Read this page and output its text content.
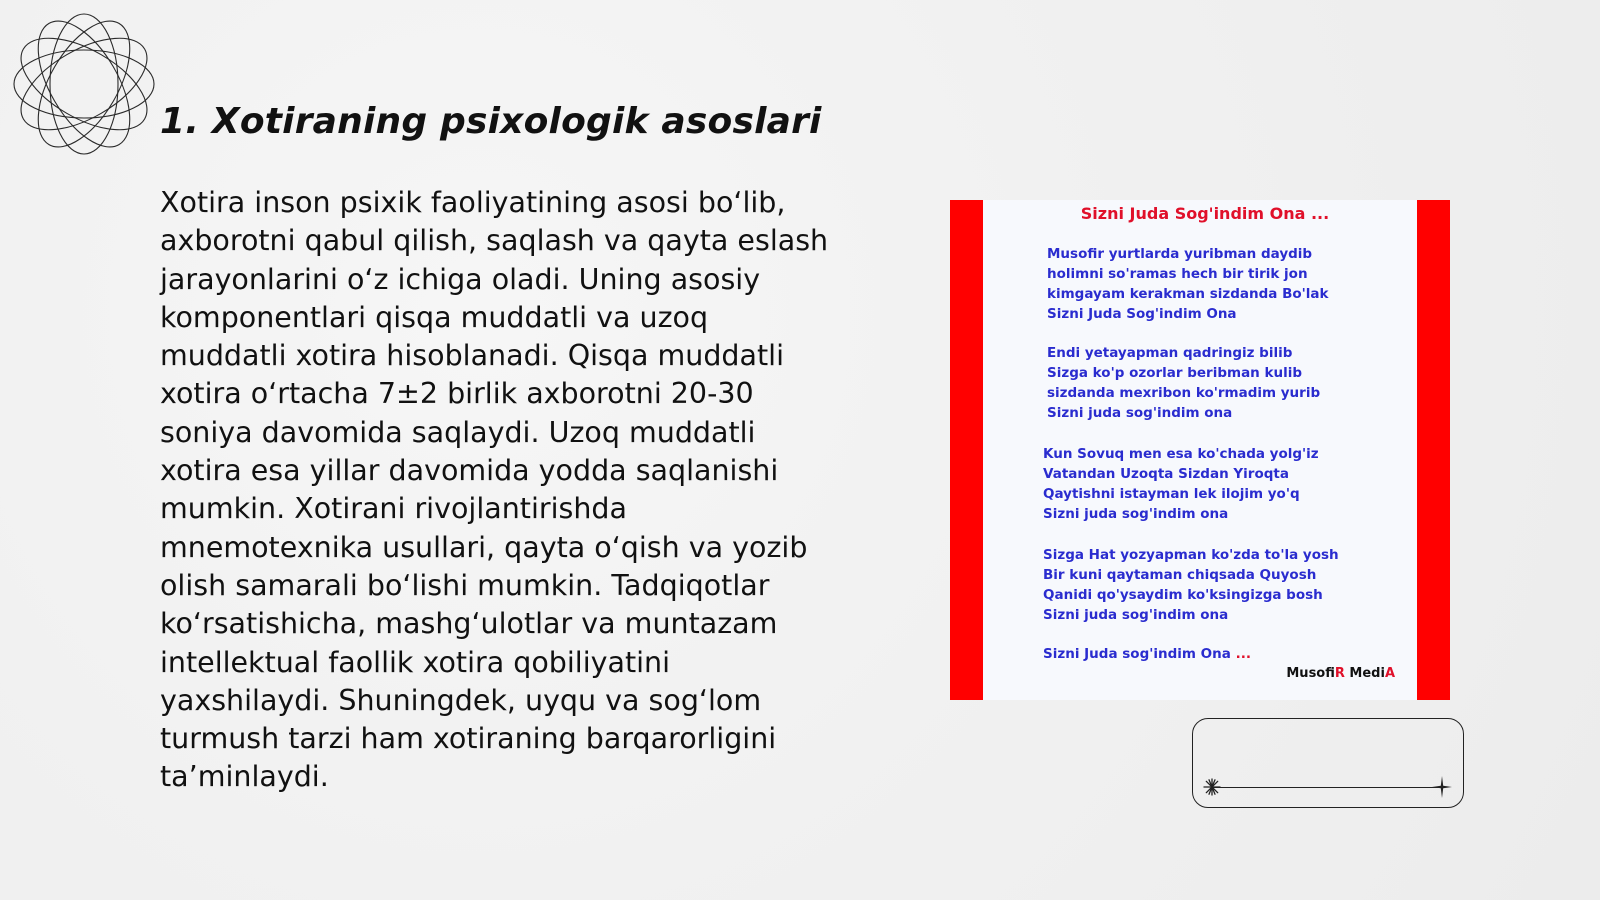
1. Xotiraning psixologik asoslari

Xotira inson psixik faoliyatining asosi boʻlib, axborotni qabul qilish, saqlash va qayta eslash jarayonlarini oʻz ichiga oladi. Uning asosiy komponentlari qisqa muddatli va uzoq muddatli xotira hisoblanadi. Qisqa muddatli xotira oʻrtacha 7±2 birlik axborotni 20-30 soniya davomida saqlaydi. Uzoq muddatli xotira esa yillar davomida yodda saqlanishi mumkin. Xotirani rivojlantirishda mnemotexnika usullari, qayta oʻqish va yozib olish samarali boʻlishi mumkin. Tadqiqotlar koʻrsatishicha, mashgʻulotlar va muntazam intellektual faollik xotira qobiliyatini yaxshilaydi. Shuningdek, uyqu va sogʻlom turmush tarzi ham xotiraning barqarorligini ta’minlaydi.

Sizni Juda Sog'indim Ona ...
Musofir yurtlarda yuribman daydib
holimni so'ramas hech bir tirik jon
kimgayam kerakman sizdanda Bo'lak
Sizni Juda Sog'indim Ona
Endi yetayapman qadringiz bilib
Sizga ko'p ozorlar beribman kulib
sizdanda mexribon ko'rmadim yurib
Sizni juda sog'indim ona
Kun Sovuq men esa ko'chada yolg'iz
Vatandan Uzoqta Sizdan Yiroqta
Qaytishni istayman lek ilojim yo'q
Sizni juda sog'indim ona
Sizga Hat yozyapman ko'zda to'la yosh
Bir kuni qaytaman chiqsada Quyosh
Qanidi qo'ysaydim ko'ksingizga bosh
Sizni juda sog'indim ona
Sizni Juda sog'indim Ona ...
MusofiR MediA
